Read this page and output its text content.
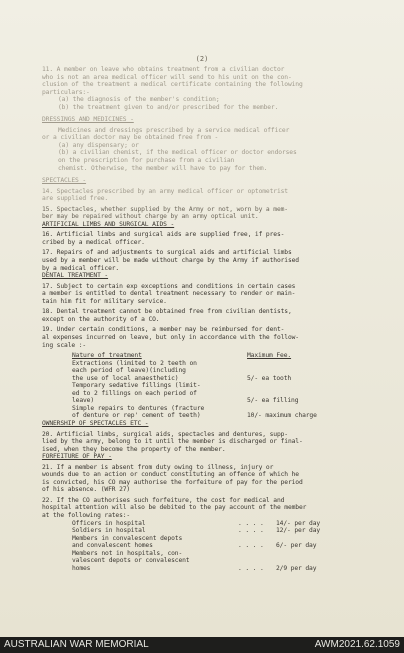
(2)
11. A member on leave who obtains treatment from a civilian doctor
who is not an area medical officer will send to his unit on the con-
clusion of the treatment a medical certificate containing the following
particulars:-
(a) the diagnosis of the member's condition;
(b) the treatment given to and/or prescribed for the member.
DRESSINGS AND MEDICINES -
Medicines and dressings prescribed by a service medical officer
or a civilian doctor may be obtained free from -
(a) any dispensary; or
(b) a civilian chemist, if the medical officer or doctor endorses
on the prescription for purchase from a civilian
chemist. Otherwise, the member will have to pay for them.
SPECTACLES -
14. Spectacles prescribed by an army medical officer or optometrist
are supplied free.
15. Spectacles, whether supplied by the Army or not, worn by a mem-
ber may be repaired without charge by an army optical unit.
ARTIFICIAL LIMBS AND SURGICAL AIDS -
16. Artificial limbs and surgical aids are supplied free, if pres-
cribed by a medical officer.
17. Repairs of and adjustments to surgical aids and artificial limbs
used by a member will be made without charge by the Army if authorised
by a medical officer.
DENTAL TREATMENT -
17. Subject to certain exp exceptions and conditions in certain cases
a member is entitled to dental treatment necessary to render or main-
tain him fit for military service.
18. Dental treatment cannot be obtained free from civilian dentists,
except on the authority of a CO.
19. Under certain conditions, a member may be reimbursed for dent-
al expenses incurred on leave, but only in accordance with the follow-
ing scale :-
Nature of treatment	Maximum Fee.
Extractions (limited to 2 teeth on
each period of leave)(including
the use of local anaesthetic)

	5/- ea tooth
Temporary sedative fillings (limit-
ed to 2 fillings on each period of
leave)

	5/- ea filling
Simple repairs to dentures (fracture
of denture or rep' cement of teeth)
	10/- maximum charge
OWNERSHIP OF SPECTACLES ETC -
20. Artificial limbs, surgical aids, spectacles and dentures, supp-
lied by the army, belong to it until the member is discharged or final-
ised, when they become the property of the member.
FORFEITURE OF PAY -
21. If a member is absent from duty owing to illness, injury or
wounds due to an action or conduct constituting an offence of which he
is convicted, his CO may authorise the forfeiture of pay for the period
of his absence. (WFR 27)
22. If the CO authorises such forfeiture, the cost for medical and
hospital attention will also be debited to the pay account of the member
at the following rates:-
Officers in hospital	. . . .	14/- per day
Soldiers in hospital	. . . .	12/- per day
Members in convalescent depots
and convalescent homes
	. . . .
	6/- per day
Members not in hospitals, con-
valescent depots or convalescent
homes

	. . . .

	2/9 per day
AUSTRALIAN WAR MEMORIAL	AWM2021.62.1059
